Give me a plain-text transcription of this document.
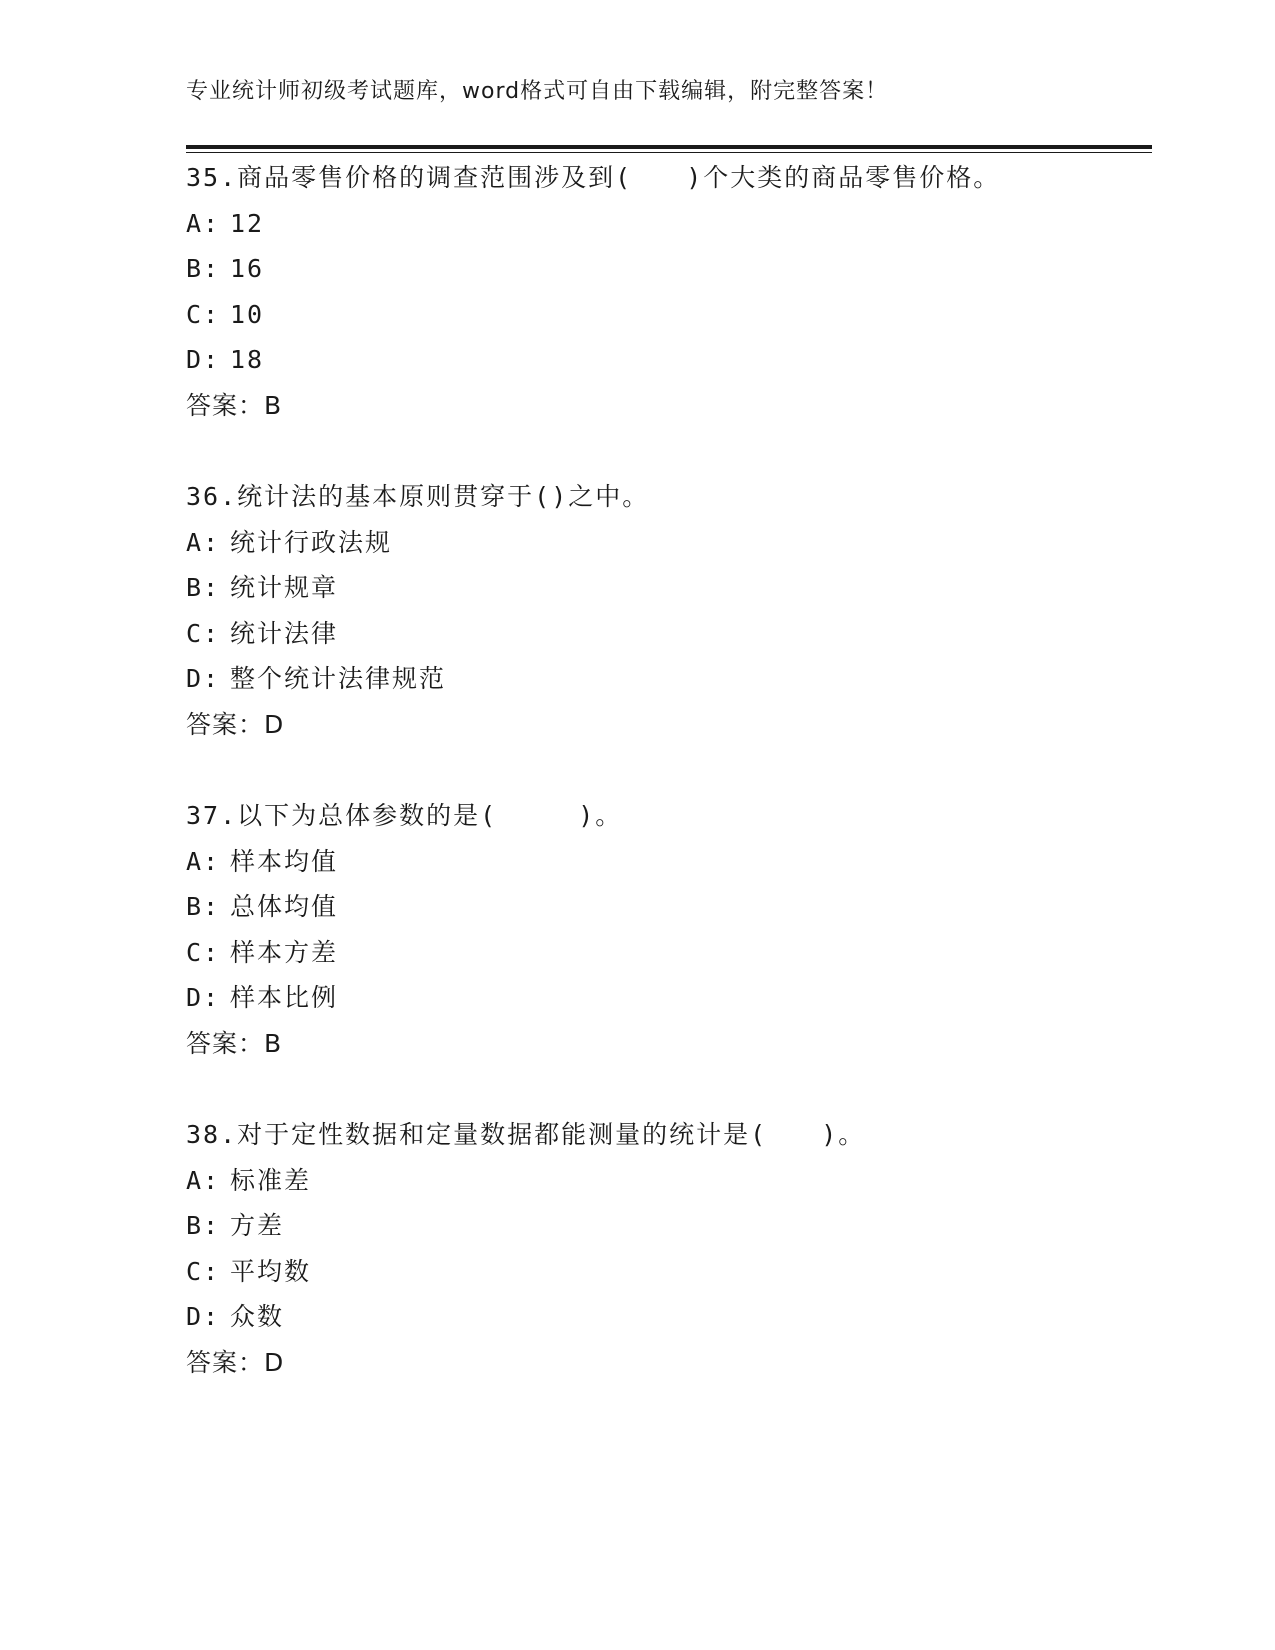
专业统计师初级考试题库，word格式可自由下载编辑，附完整答案！
35.商品零售价格的调查范围涉及到(　　)个大类的商品零售价格。
A: 12
B: 16
C: 10
D: 18
答案：B
36.统计法的基本原则贯穿于()之中。
A: 统计行政法规
B: 统计规章
C: 统计法律
D: 整个统计法律规范
答案：D
37.以下为总体参数的是(　　　)。
A: 样本均值
B: 总体均值
C: 样本方差
D: 样本比例
答案：B
38.对于定性数据和定量数据都能测量的统计是(　　)。
A: 标准差
B: 方差
C: 平均数
D: 众数
答案：D
